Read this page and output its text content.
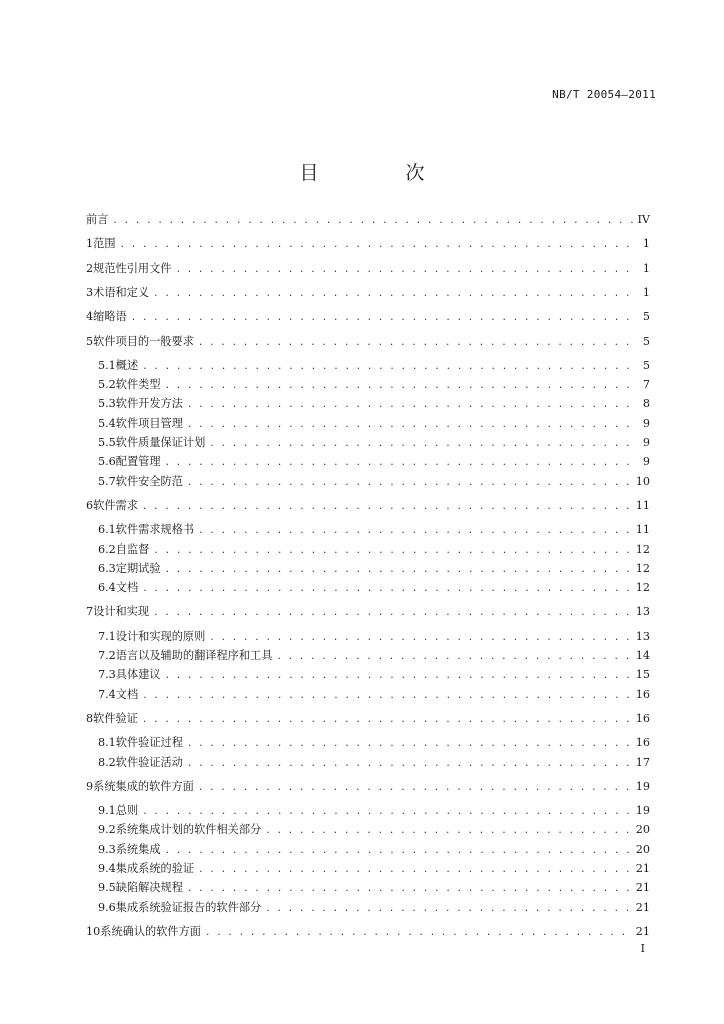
NB/T 20054—2011
目　次
前言 . . .	IV
1 范围 . . .	1
2 规范性引用文件 . . .	1
3 术语和定义 . . .	1
4 缩略语 . . .	5
5 软件项目的一般要求 . . .	5
5.1 概述 . . .	5
5.2 软件类型 . . .	7
5.3 软件开发方法 . . .	8
5.4 软件项目管理 . . .	9
5.5 软件质量保证计划 . . .	9
5.6 配置管理 . . .	9
5.7 软件安全防范 . . .	10
6 软件需求 . . .	11
6.1 软件需求规格书 . . .	11
6.2 自监督 . . .	12
6.3 定期试验 . . .	12
6.4 文档 . . .	12
7 设计和实现 . . .	13
7.1 设计和实现的原则 . . .	13
7.2 语言以及辅助的翻译程序和工具 . . .	14
7.3 具体建议 . . .	15
7.4 文档 . . .	16
8 软件验证 . . .	16
8.1 软件验证过程 . . .	16
8.2 软件验证活动 . . .	17
9 系统集成的软件方面 . . .	19
9.1 总则 . . .	19
9.2 系统集成计划的软件相关部分 . . .	20
9.3 系统集成 . . .	20
9.4 集成系统的验证 . . .	21
9.5 缺陷解决规程 . . .	21
9.6 集成系统验证报告的软件部分 . . .	21
10 系统确认的软件方面 . . .	21
I
